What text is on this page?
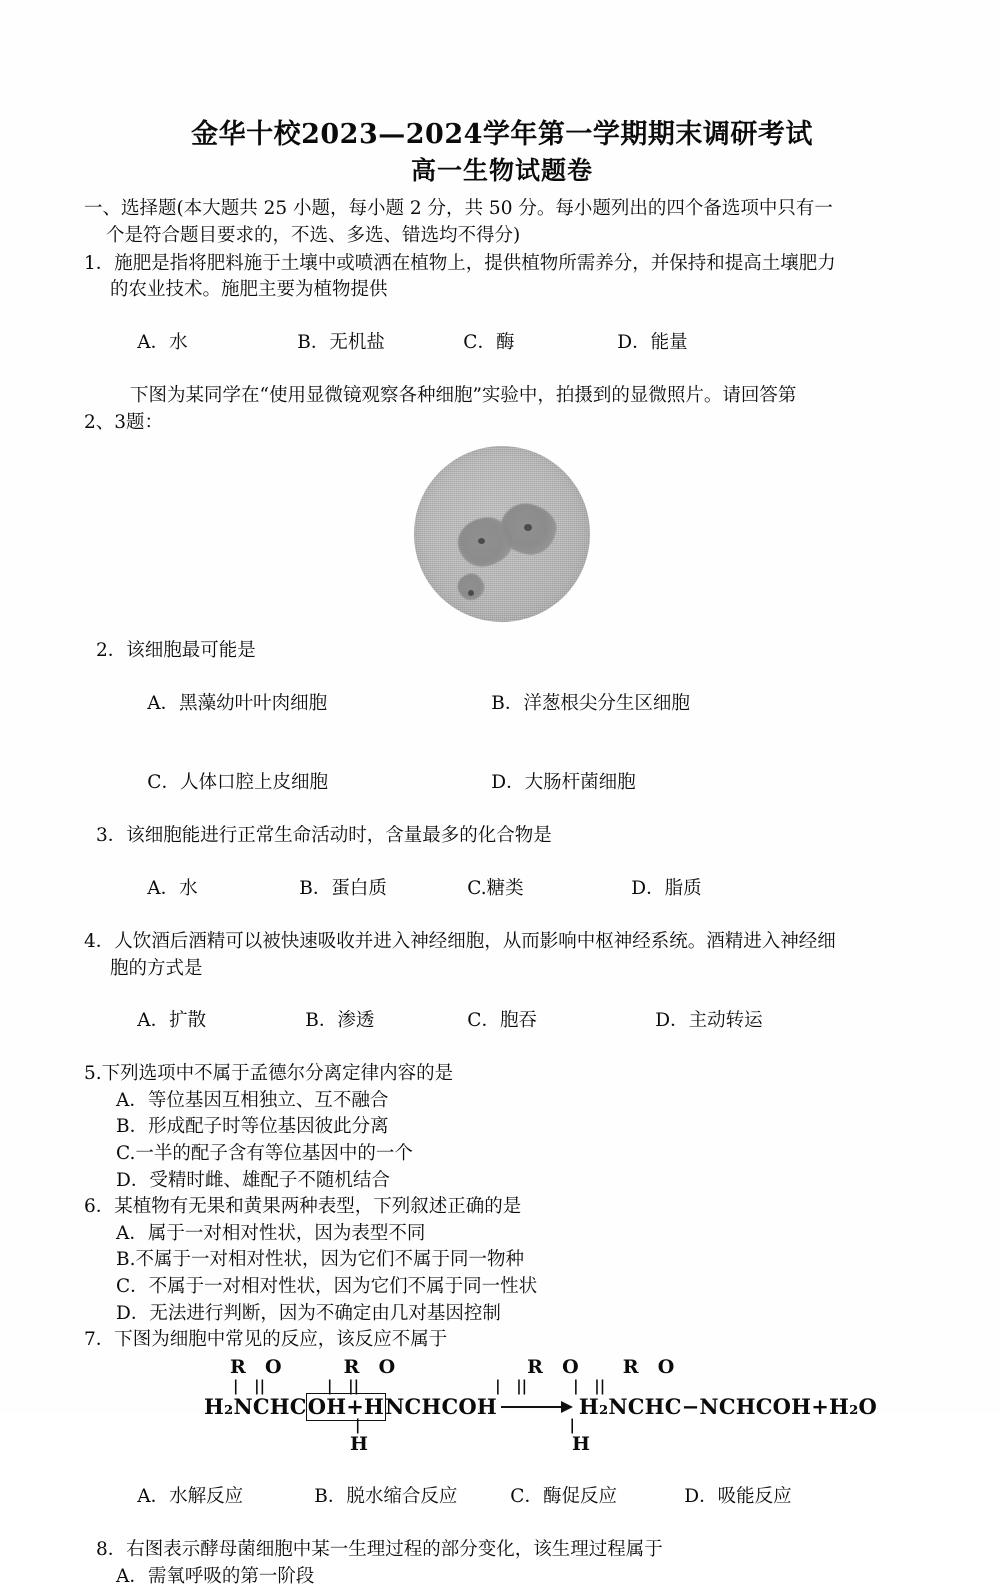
金华十校2023—2024学年第一学期期末调研考试
高一生物试题卷
一、选择题(本大题共 25 小题，每小题 2 分，共 50 分。每小题列出的四个备选项中只有一
个是符合题目要求的，不选、多选、错选均不得分)
1．施肥是指将肥料施于土壤中或喷洒在植物上，提供植物所需养分，并保持和提高土壤肥力
的农业技术。施肥主要为植物提供

A．水	B．无机盐	C．酶	D．能量

下图为某同学在“使用显微镜观察各种细胞”实验中，拍摄到的显微照片。请回答第
2、3题：
2．该细胞最可能是

A．黑藻幼叶叶肉细胞	B．洋葱根尖分生区细胞

C．人体口腔上皮细胞	D．大肠杆菌细胞

3．该细胞能进行正常生命活动时，含量最多的化合物是

A．水	B．蛋白质	C.糖类	D．脂质

4．人饮酒后酒精可以被快速吸收并进入神经细胞，从而影响中枢神经系统。酒精进入神经细
胞的方式是

A．扩散	B．渗透	C．胞吞	D．主动转运

5.下列选项中不属于孟德尔分离定律内容的是
A．等位基因互相独立、互不融合
B．形成配子时等位基因彼此分离
C.一半的配子含有等位基因中的一个
D．受精时雌、雄配子不随机结合
6．某植物有无果和黄果两种表型，下列叙述正确的是
A．属于一对相对性状，因为表型不同
B.不属于一对相对性状，因为它们不属于同一物种
C．不属于一对相对性状，因为它们不属于同一性状
D．无法进行判断，因为不确定由几对基因控制
7．下图为细胞中常见的反应，该反应不属于
R  O	R  O	R  O R  O
|   ||	|   ||	|   ||	|   ||
H₂NCHCOH+HNCHCOH	H₂NCHC−NCHCOH+H₂O
|	|
H	H

A．水解反应	B．脱水缩合反应	C．酶促反应	D．吸能反应

8．右图表示酵母菌细胞中某一生理过程的部分变化，该生理过程属于
A．需氧呼吸的第一阶段
